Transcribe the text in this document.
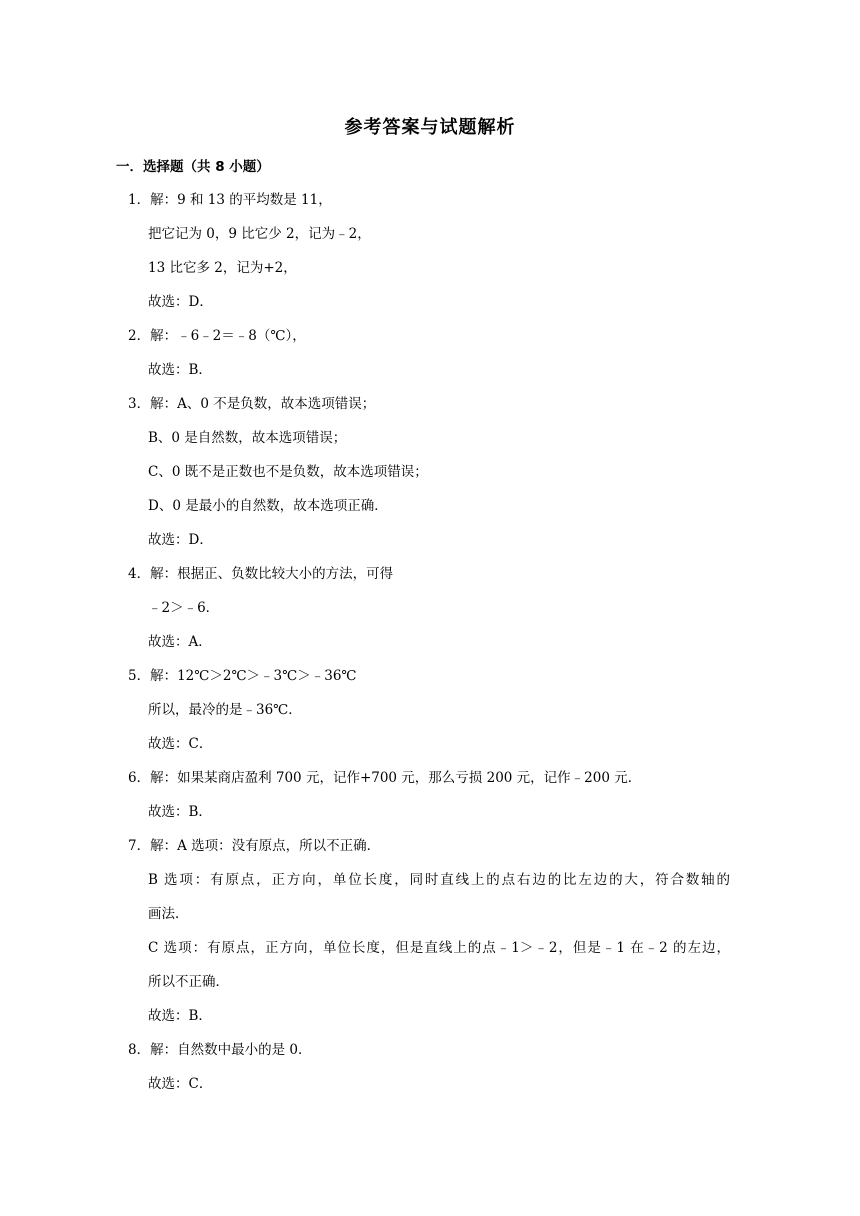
参考答案与试题解析
一．选择题（共 8 小题）
1．解：9 和 13 的平均数是 11，
把它记为 0，9 比它少 2，记为﹣2，
13 比它多 2，记为+2，
故选：D．
2．解：﹣6﹣2＝﹣8（℃），
故选：B．
3．解：A、0 不是负数，故本选项错误；
B、0 是自然数，故本选项错误；
C、0 既不是正数也不是负数，故本选项错误；
D、0 是最小的自然数，故本选项正确．
故选：D．
4．解：根据正、负数比较大小的方法，可得
﹣2＞﹣6．
故选：A．
5．解：12℃＞2℃＞﹣3℃＞﹣36℃
所以，最冷的是﹣36℃．
故选：C．
6．解：如果某商店盈利 700 元，记作+700 元，那么亏损 200 元，记作﹣200 元．
故选：B．
7．解：A 选项：没有原点，所以不正确．
B 选项：有原点，正方向，单位长度，同时直线上的点右边的比左边的大，符合数轴的
画法．
C 选项：有原点，正方向，单位长度，但是直线上的点﹣1＞﹣2，但是﹣1 在﹣2 的左边，
所以不正确．
故选：B．
8．解：自然数中最小的是 0．
故选：C．
